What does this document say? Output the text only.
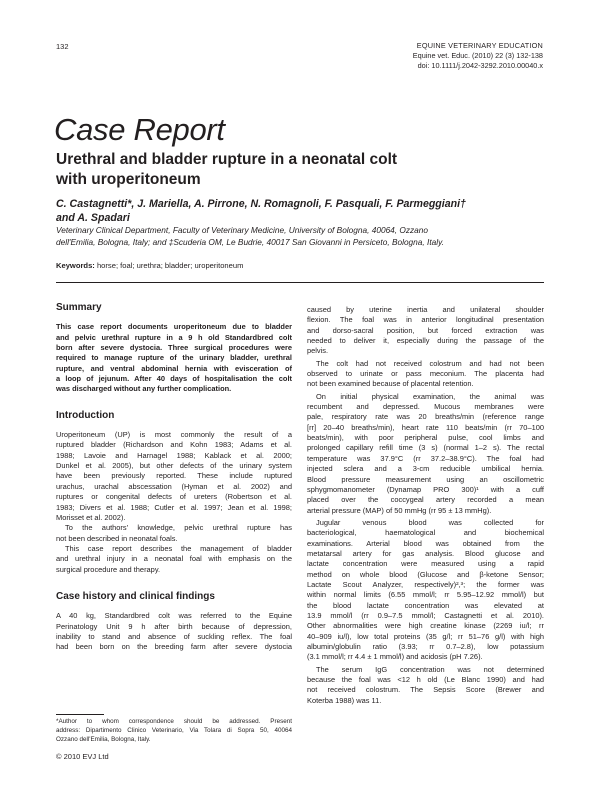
132	EQUINE VETERINARY EDUCATION
Equine vet. Educ. (2010) 22 (3) 132-138
doi: 10.1111/j.2042-3292.2010.00040.x
Case Report
Urethral and bladder rupture in a neonatal colt
with uroperitoneum
C. Castagnetti*, J. Mariella, A. Pirrone, N. Romagnoli, F. Pasquali, F. Parmeggiani†
and A. Spadari
Veterinary Clinical Department, Faculty of Veterinary Medicine, University of Bologna, 40064, Ozzano
dell'Emilia, Bologna, Italy; and ‡Scuderia OM, Le Budrie, 40017 San Giovanni in Persiceto, Bologna, Italy.
Keywords: horse; foal; urethra; bladder; uroperitoneum
Summary
This case report documents uroperitoneum due to bladder
and pelvic urethral rupture in a 9 h old Standardbred colt
born after severe dystocia. Three surgical procedures were
required to manage rupture of the urinary bladder, urethral
rupture, and ventral abdominal hernia with evisceration of
a loop of jejunum. After 40 days of hospitalisation the colt
was discharged without any further complication.
Introduction
Uroperitoneum (UP) is most commonly the result of a
ruptured bladder (Richardson and Kohn 1983; Adams et al.
1988; Lavoie and Harnagel 1988; Kablack et al. 2000;
Dunkel et al. 2005), but other defects of the urinary system
have been previously reported. These include ruptured
urachus, urachal abscessation (Hyman et al. 2002) and
ruptures or congenital defects of ureters (Robertson et al.
1983; Divers et al. 1988; Cutler et al. 1997; Jean et al. 1998;
Morisset et al. 2002).
To the authors' knowledge, pelvic urethral rupture has
not been described in neonatal foals.
This case report describes the management of bladder
and urethral injury in a neonatal foal with emphasis on the
surgical procedure and therapy.
Case history and clinical findings
A 40 kg, Standardbred colt was referred to the Equine
Perinatology Unit 9 h after birth because of depression,
inability to stand and absence of suckling reflex. The foal
had been born on the breeding farm after severe dystocia
caused by uterine inertia and unilateral shoulder
flexion. The foal was in anterior longitudinal presentation
and dorso-sacral position, but forced extraction was
needed to deliver it, especially during the passage of the
pelvis.
The colt had not received colostrum and had not been
observed to urinate or pass meconium. The placenta had
not been examined because of placental retention.
On initial physical examination, the animal was
recumbent and depressed. Mucous membranes were
pale, respiratory rate was 20 breaths/min (reference range
[rr] 20–40 breaths/min), heart rate 110 beats/min (rr 70–100
beats/min), with poor peripheral pulse, cool limbs and
prolonged capillary refill time (3 s) (normal 1–2 s). The rectal
temperature was 37.9°C (rr 37.2–38.9°C). The foal had
injected sclera and a 3-cm reducible umbilical hernia.
Blood pressure measurement using an oscillometric
sphygmomanometer (Dynamap PRO 300)¹ with a cuff
placed over the coccygeal artery recorded a mean
arterial pressure (MAP) of 50 mmHg (rr 95 ± 13 mmHg).
Jugular venous blood was collected for
bacteriological, haematological and biochemical
examinations. Arterial blood was obtained from the
metatarsal artery for gas analysis. Blood glucose and
lactate concentration were measured using a rapid
method on whole blood (Glucose and β-ketone Sensor;
Lactate Scout Analyzer, respectively)²,³; the former was
within normal limits (6.55 mmol/l; rr 5.95–12.92 mmol/l) but
the blood lactate concentration was elevated at
13.9 mmol/l (rr 0.9–7.5 mmol/l; Castagnetti et al. 2010).
Other abnormalities were high creatine kinase (2269 iu/l; rr
40–909 iu/l), low total proteins (35 g/l; rr 51–76 g/l) with high
albumin/globulin ratio (3.93; rr 0.7–2.8), low potassium
(3.1 mmol/l; rr 4.4 ± 1 mmol/l) and acidosis (pH 7.26).
The serum IgG concentration was not determined
because the foal was <12 h old (Le Blanc 1990) and had
not received colostrum. The Sepsis Score (Brewer and
Koterba 1988) was 11.
*Author to whom correspondence should be addressed. Present
address: Dipartimento Clinico Veterinario, Via Tolara di Sopra 50, 40064
Ozzano dell'Emilia, Bologna, Italy.
© 2010 EVJ Ltd
